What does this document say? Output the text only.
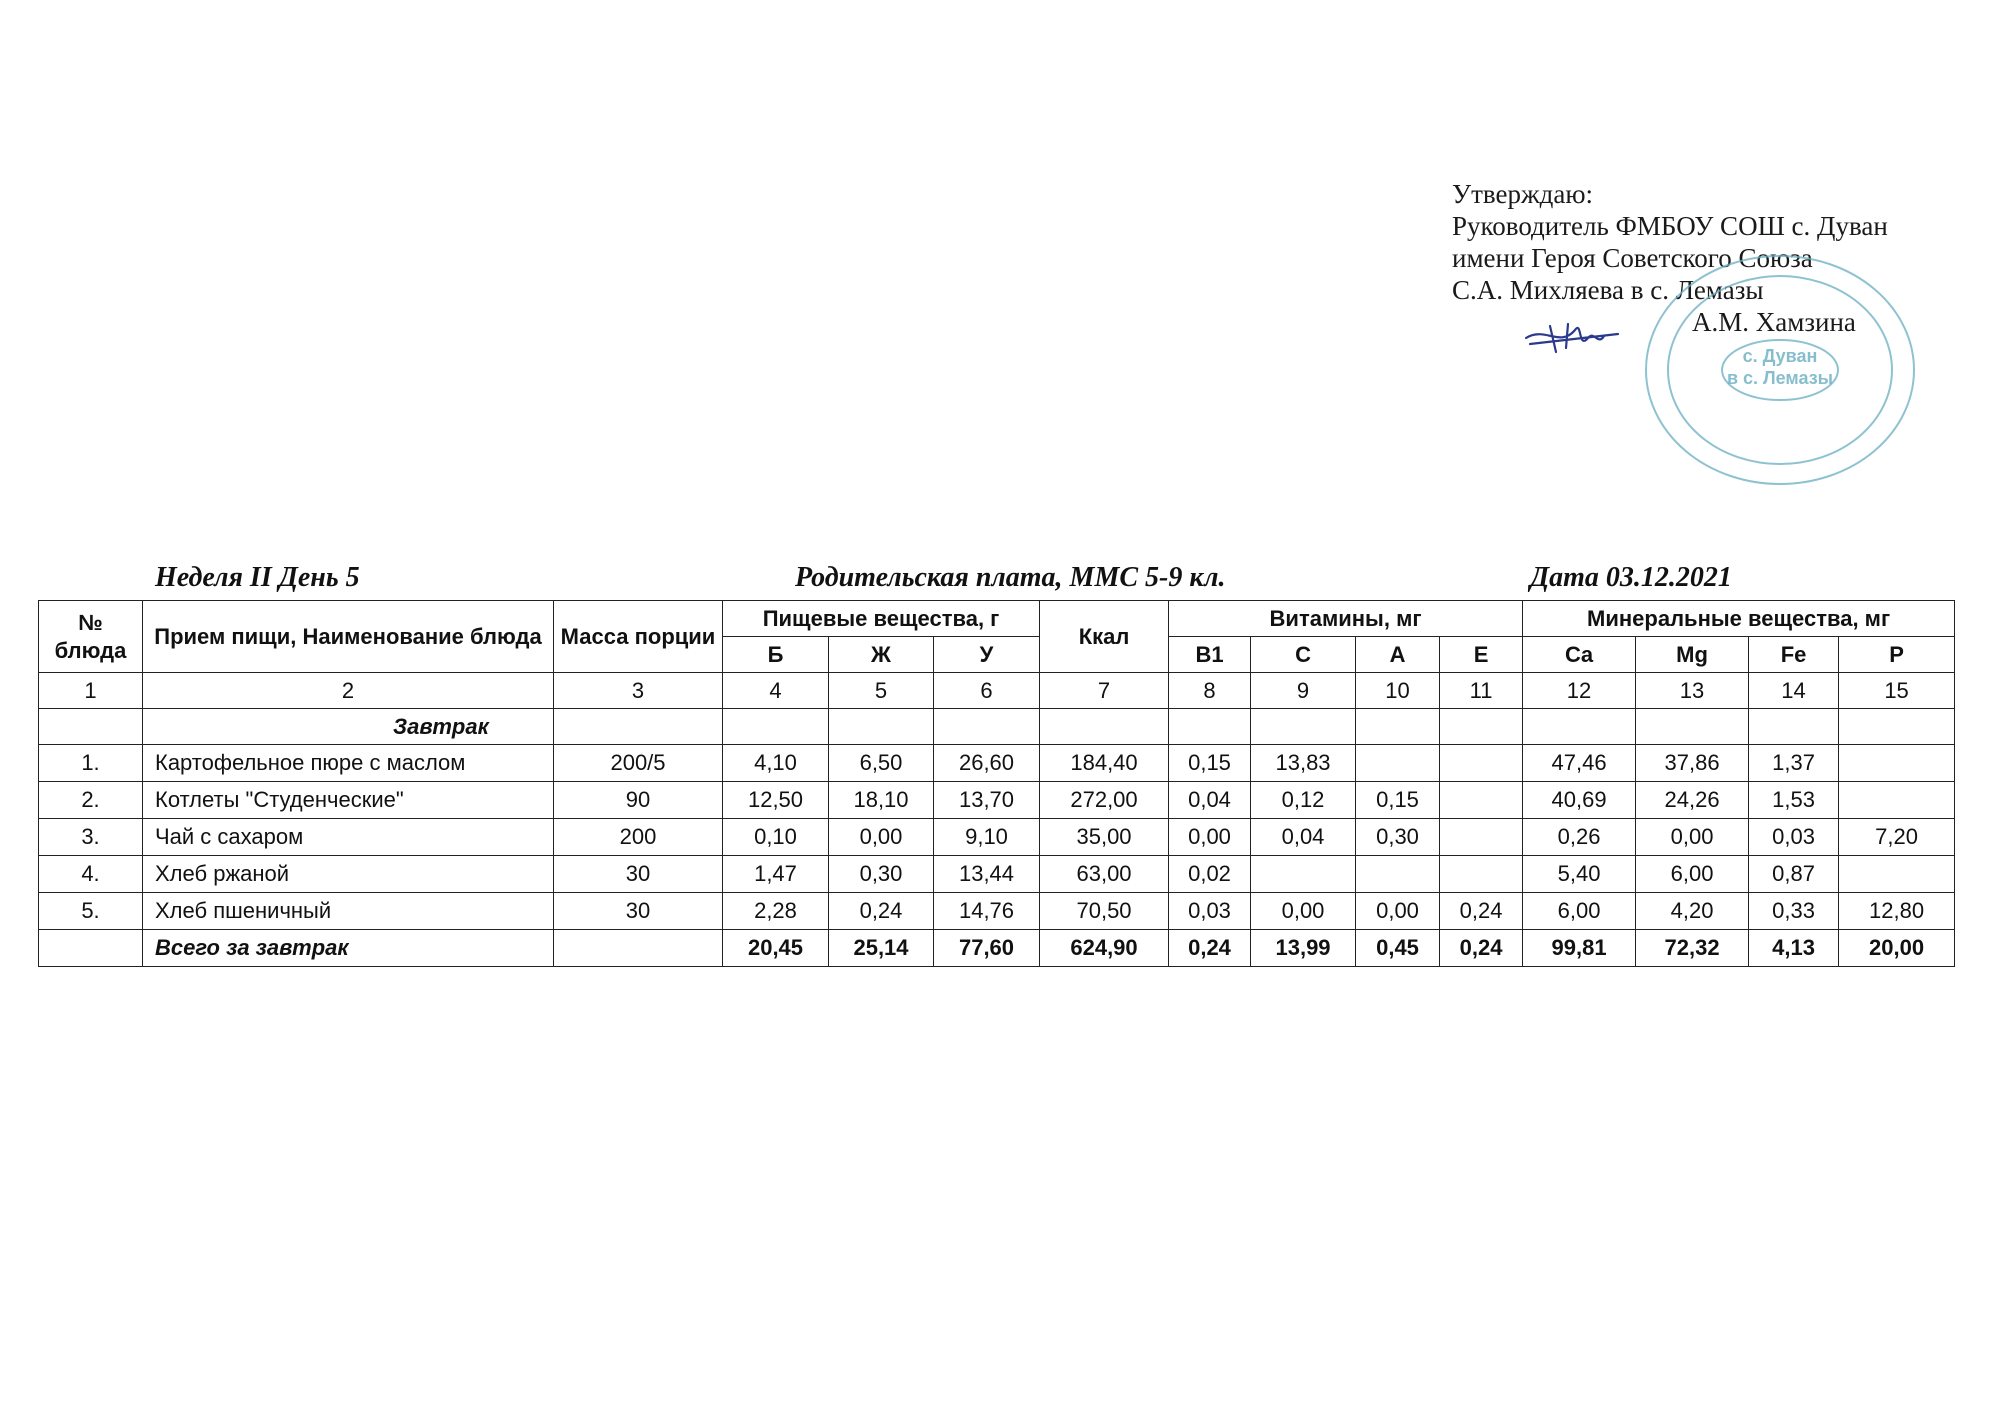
Утверждаю:
Руководитель ФМБОУ СОШ с. Дуван
имени Героя Советского Союза
С.А. Михляева в с. Лемазы
А.М. Хамзина
с. Дуван
в с. Лемазы
Неделя II День 5	Родительская плата, ММС 5-9 кл.	Дата 03.12.2021
№ блюда	Прием пищи, Наименование блюда	Масса порции	Пищевые вещества, г			Ккал	Витамины, мг				Минеральные вещества, мг			
			Б	Ж	У		B1	C	A	E	Ca	Mg	Fe	P
1	2	3	4	5	6	7	8	9	10	11	12	13	14	15
	Завтрак													
1.	Картофельное пюре с маслом	200/5	4,10	6,50	26,60	184,40	0,15	13,83			47,46	37,86	1,37	
2.	Котлеты "Студенческие"	90	12,50	18,10	13,70	272,00	0,04	0,12	0,15		40,69	24,26	1,53	
3.	Чай с сахаром	200	0,10	0,00	9,10	35,00	0,00	0,04	0,30		0,26	0,00	0,03	7,20
4.	Хлеб ржаной	30	1,47	0,30	13,44	63,00	0,02				5,40	6,00	0,87	
5.	Хлеб пшеничный	30	2,28	0,24	14,76	70,50	0,03	0,00	0,00	0,24	6,00	4,20	0,33	12,80
	Всего за завтрак		20,45	25,14	77,60	624,90	0,24	13,99	0,45	0,24	99,81	72,32	4,13	20,00
